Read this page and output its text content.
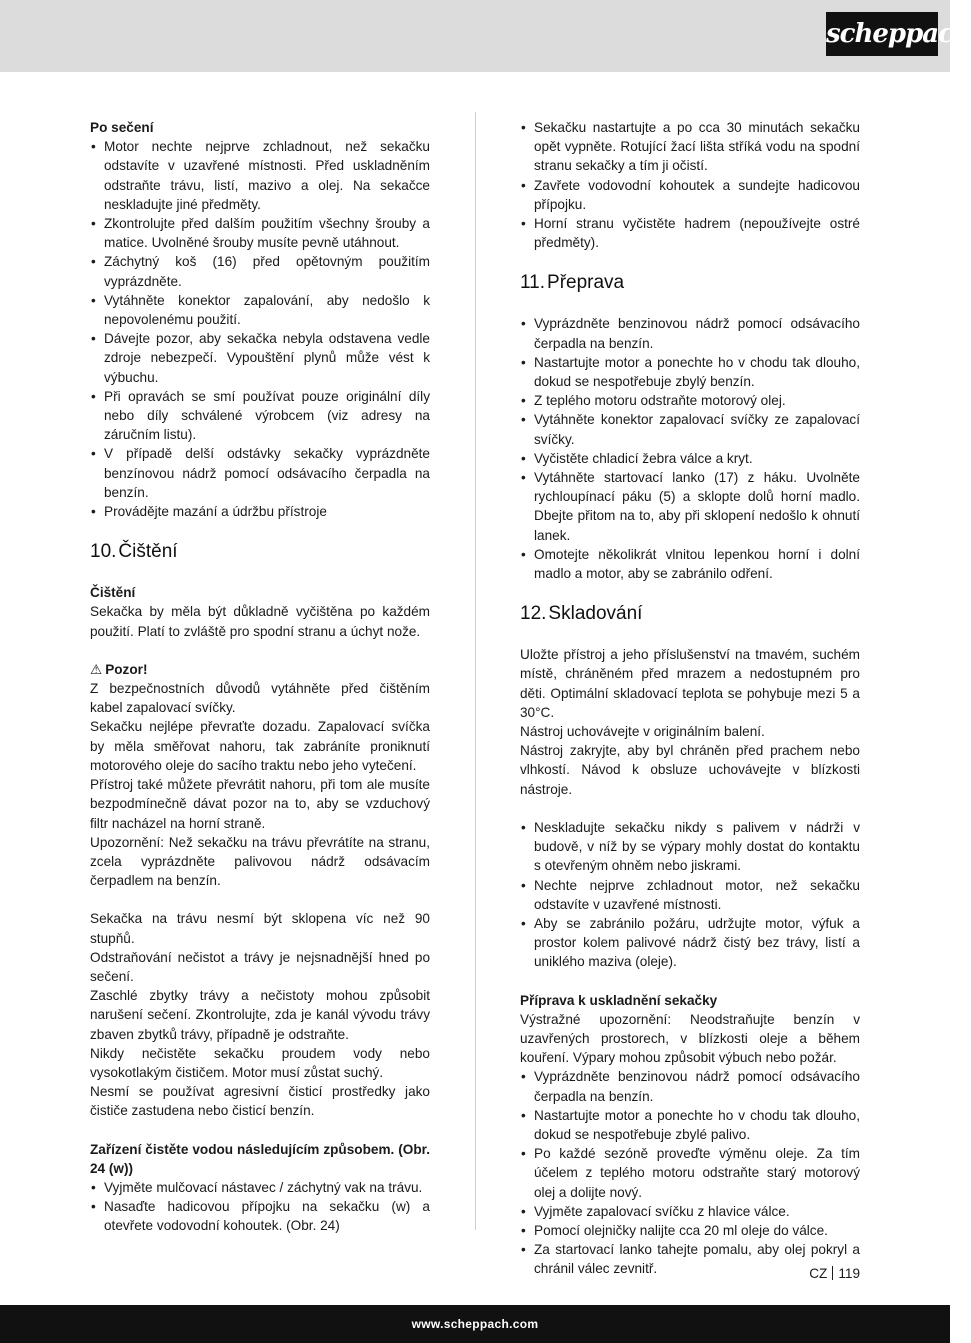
scheppach

Po sečení

• Motor nechte nejprve zchladnout, než sekačku odstavíte v uzavřené místnosti. Před uskladněním odstraňte trávu, listí, mazivo a olej. Na sekačce neskladujte jiné předměty.
• Zkontrolujte před dalším použitím všechny šrouby a matice. Uvolněné šrouby musíte pevně utáhnout.
• Záchytný koš (16) před opětovným použitím vyprázdněte.
• Vytáhněte konektor zapalování, aby nedošlo k nepovolenému použití.
• Dávejte pozor, aby sekačka nebyla odstavena vedle zdroje nebezpečí. Vypouštění plynů může vést k výbuchu.
• Při opravách se smí používat pouze originální díly nebo díly schválené výrobcem (viz adresy na záručním listu).
• V případě delší odstávky sekačky vyprázdněte benzínovou nádrž pomocí odsávacího čerpadla na benzín.
• Provádějte mazání a údržbu přístroje
10. Čištění

Čištění

Sekačka by měla být důkladně vyčištěna po každém použití. Platí to zvláště pro spodní stranu a úchyt nože.

⚠ Pozor!

Z bezpečnostních důvodů vytáhněte před čištěním kabel zapalovací svíčky.

Sekačku nejlépe převraťte dozadu. Zapalovací svíčka by měla směřovat nahoru, tak zabráníte proniknutí motorového oleje do sacího traktu nebo jeho vytečení.

Přístroj také můžete převrátit nahoru, při tom ale musíte bezpodmínečně dávat pozor na to, aby se vzduchový filtr nacházel na horní straně.

Upozornění: Než sekačku na trávu převrátíte na stranu, zcela vyprázdněte palivovou nádrž odsávacím čerpadlem na benzín.

Sekačka na trávu nesmí být sklopena víc než 90 stupňů.

Odstraňování nečistot a trávy je nejsnadnější hned po sečení.

Zaschlé zbytky trávy a nečistoty mohou způsobit narušení sečení. Zkontrolujte, zda je kanál vývodu trávy zbaven zbytků trávy, případně je odstraňte.

Nikdy nečistěte sekačku proudem vody nebo vysokotlakým čističem. Motor musí zůstat suchý.

Nesmí se používat agresivní čisticí prostředky jako čističe zastudena nebo čisticí benzín.

Zařízení čistěte vodou následujícím způsobem. (Obr. 24 (w))

• Vyjměte mulčovací nástavec / záchytný vak na trávu.
• Nasaďte hadicovou přípojku na sekačku (w) a otevřete vodovodní kohoutek. (Obr. 24)
• Sekačku nastartujte a po cca 30 minutách sekačku opět vypněte. Rotující žací lišta stříká vodu na spodní stranu sekačky a tím ji očistí.
• Zavřete vodovodní kohoutek a sundejte hadicovou přípojku.
• Horní stranu vyčistěte hadrem (nepoužívejte ostré předměty).
11. Přeprava
• Vyprázdněte benzinovou nádrž pomocí odsávacího čerpadla na benzín.
• Nastartujte motor a ponechte ho v chodu tak dlouho, dokud se nespotřebuje zbylý benzín.
• Z teplého motoru odstraňte motorový olej.
• Vytáhněte konektor zapalovací svíčky ze zapalovací svíčky.
• Vyčistěte chladicí žebra válce a kryt.
• Vytáhněte startovací lanko (17) z háku. Uvolněte rychloupínací páku (5) a sklopte dolů horní madlo. Dbejte přitom na to, aby při sklopení nedošlo k ohnutí lanek.
• Omotejte několikrát vlnitou lepenkou horní i dolní madlo a motor, aby se zabránilo odření.
12. Skladování

Uložte přístroj a jeho příslušenství na tmavém, suchém místě, chráněném před mrazem a nedostupném pro děti. Optimální skladovací teplota se pohybuje mezi 5 a 30°C.

Nástroj uchovávejte v originálním balení.

Nástroj zakryjte, aby byl chráněn před prachem nebo vlhkostí. Návod k obsluze uchovávejte v blízkosti nástroje.

• Neskladujte sekačku nikdy s palivem v nádrži v budově, v níž by se výpary mohly dostat do kontaktu s otevřeným ohněm nebo jiskrami.
• Nechte nejprve zchladnout motor, než sekačku odstavíte v uzavřené místnosti.
• Aby se zabránilo požáru, udržujte motor, výfuk a prostor kolem palivové nádrž čistý bez trávy, listí a uniklého maziva (oleje).

Příprava k uskladnění sekačky

Výstražné upozornění: Neodstraňujte benzín v uzavřených prostorech, v blízkosti oleje a během kouření. Výpary mohou způsobit výbuch nebo požár.

• Vyprázdněte benzinovou nádrž pomocí odsávacího čerpadla na benzín.
• Nastartujte motor a ponechte ho v chodu tak dlouho, dokud se nespotřebuje zbylé palivo.
• Po každé sezóně proveďte výměnu oleje. Za tím účelem z teplého motoru odstraňte starý motorový olej a dolijte nový.
• Vyjměte zapalovací svíčku z hlavice válce.
• Pomocí olejničky nalijte cca 20 ml oleje do válce.
• Za startovací lanko tahejte pomalu, aby olej pokryl a chránil válec zevnitř.	CZ 119
www.scheppach.com
